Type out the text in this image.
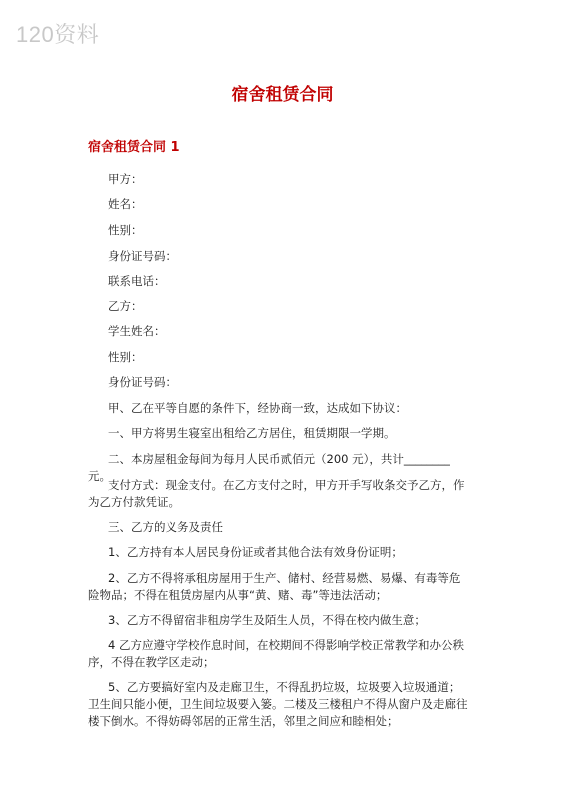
120资料
宿舍租赁合同
宿舍租赁合同 1

甲方：

姓名：

性别：

身份证号码：

联系电话：

乙方：

学生姓名：

性别：

身份证号码：

甲、乙在平等自愿的条件下，经协商一致，达成如下协议：

一、甲方将男生寝室出租给乙方居住，租赁期限一学期。

二、本房屋租金每间为每月人民币贰佰元（200 元），共计________元。

支付方式：现金支付。在乙方支付之时，甲方开手写收条交予乙方，作为乙方付款凭证。

三、乙方的义务及责任

1、乙方持有本人居民身份证或者其他合法有效身份证明；

2、乙方不得将承租房屋用于生产、储村、经营易燃、易爆、有毒等危险物品；不得在租赁房屋内从事“黄、赌、毒”等违法活动；

3、乙方不得留宿非租房学生及陌生人员，不得在校内做生意；

4 乙方应遵守学校作息时间，在校期间不得影响学校正常教学和办公秩序，不得在教学区走动；

5、乙方要搞好室内及走廊卫生，不得乱扔垃圾，垃圾要入垃圾通道；卫生间只能小便，卫生间垃圾要入篓。二楼及三楼租户不得从窗户及走廊往楼下倒水。不得妨碍邻居的正常生活，邻里之间应和睦相处；
